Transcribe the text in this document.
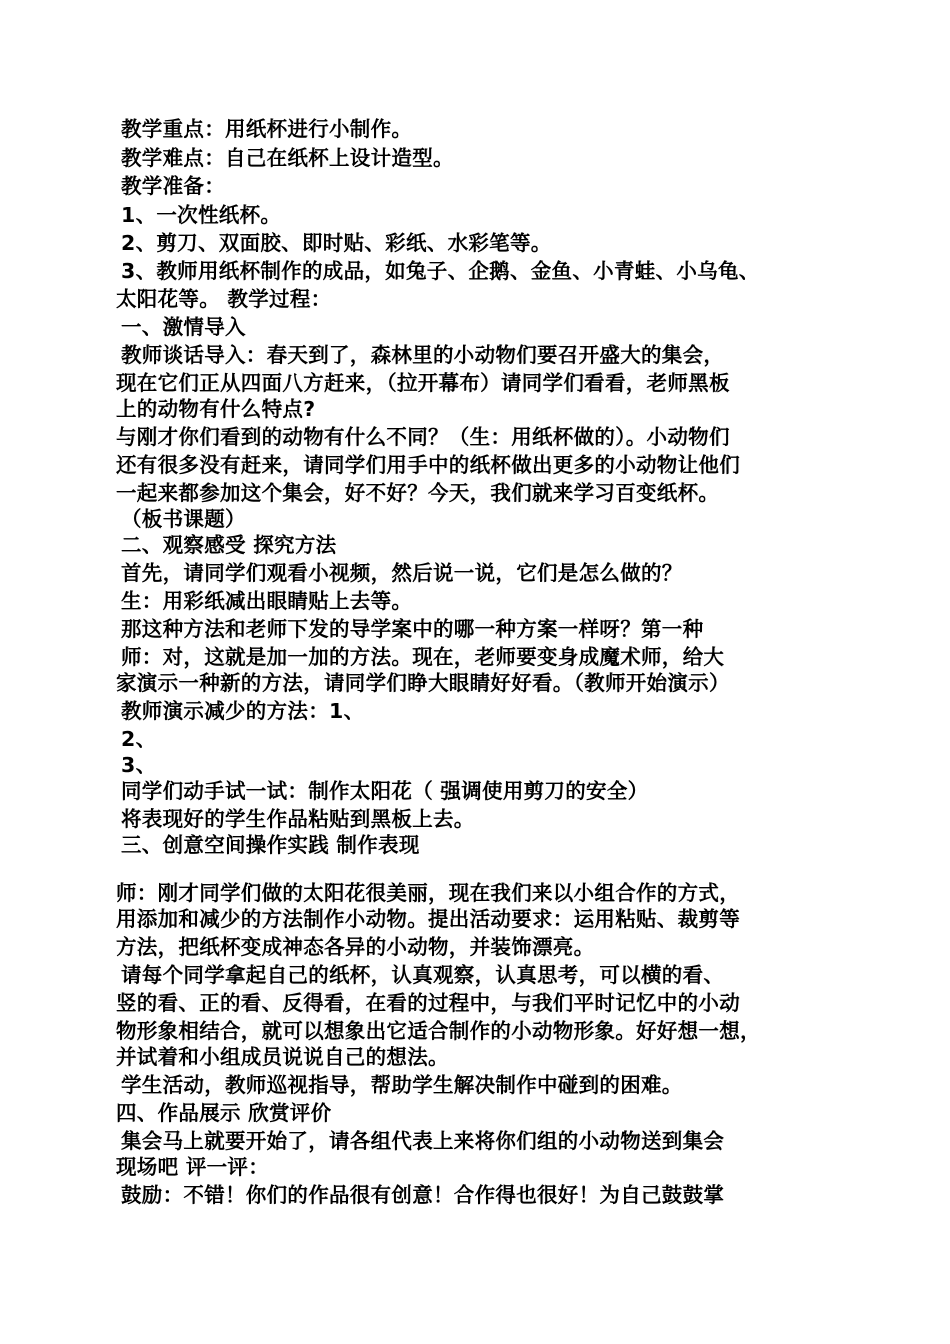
教学重点：用纸杯进行小制作。
教学难点：自己在纸杯上设计造型。
教学准备：
1、一次性纸杯。
2、剪刀、双面胶、即时贴、彩纸、水彩笔等。
3、教师用纸杯制作的成品，如兔子、企鹅、金鱼、小青蛙、小乌龟、
太阳花等。 教学过程：
一、激情导入
教师谈话导入：春天到了，森林里的小动物们要召开盛大的集会，
现在它们正从四面八方赶来，（拉开幕布）请同学们看看，老师黑板
上的动物有什么特点?
与刚才你们看到的动物有什么不同？（生：用纸杯做的）。小动物们
还有很多没有赶来，请同学们用手中的纸杯做出更多的小动物让他们
一起来都参加这个集会，好不好？今天，我们就来学习百变纸杯。
（板书课题）
二、观察感受 探究方法
首先，请同学们观看小视频，然后说一说，它们是怎么做的？
生：用彩纸减出眼睛贴上去等。
那这种方法和老师下发的导学案中的哪一种方案一样呀？第一种
师：对，这就是加一加的方法。现在，老师要变身成魔术师，给大
家演示一种新的方法，请同学们睁大眼睛好好看。（教师开始演示）
教师演示减少的方法：1、
2、
3、
同学们动手试一试：制作太阳花（ 强调使用剪刀的安全）
将表现好的学生作品粘贴到黑板上去。
三、创意空间操作实践 制作表现
师：刚才同学们做的太阳花很美丽，现在我们来以小组合作的方式，
用添加和减少的方法制作小动物。提出活动要求：运用粘贴、裁剪等
方法，把纸杯变成神态各异的小动物，并装饰漂亮。
请每个同学拿起自己的纸杯，认真观察，认真思考，可以横的看、
竖的看、正的看、反得看，在看的过程中，与我们平时记忆中的小动
物形象相结合，就可以想象出它适合制作的小动物形象。好好想一想，
并试着和小组成员说说自己的想法。
学生活动，教师巡视指导，帮助学生解决制作中碰到的困难。
四、作品展示 欣赏评价
集会马上就要开始了，请各组代表上来将你们组的小动物送到集会
现场吧 评一评：
鼓励：不错！你们的作品很有创意！合作得也很好！为自己鼓鼓掌
